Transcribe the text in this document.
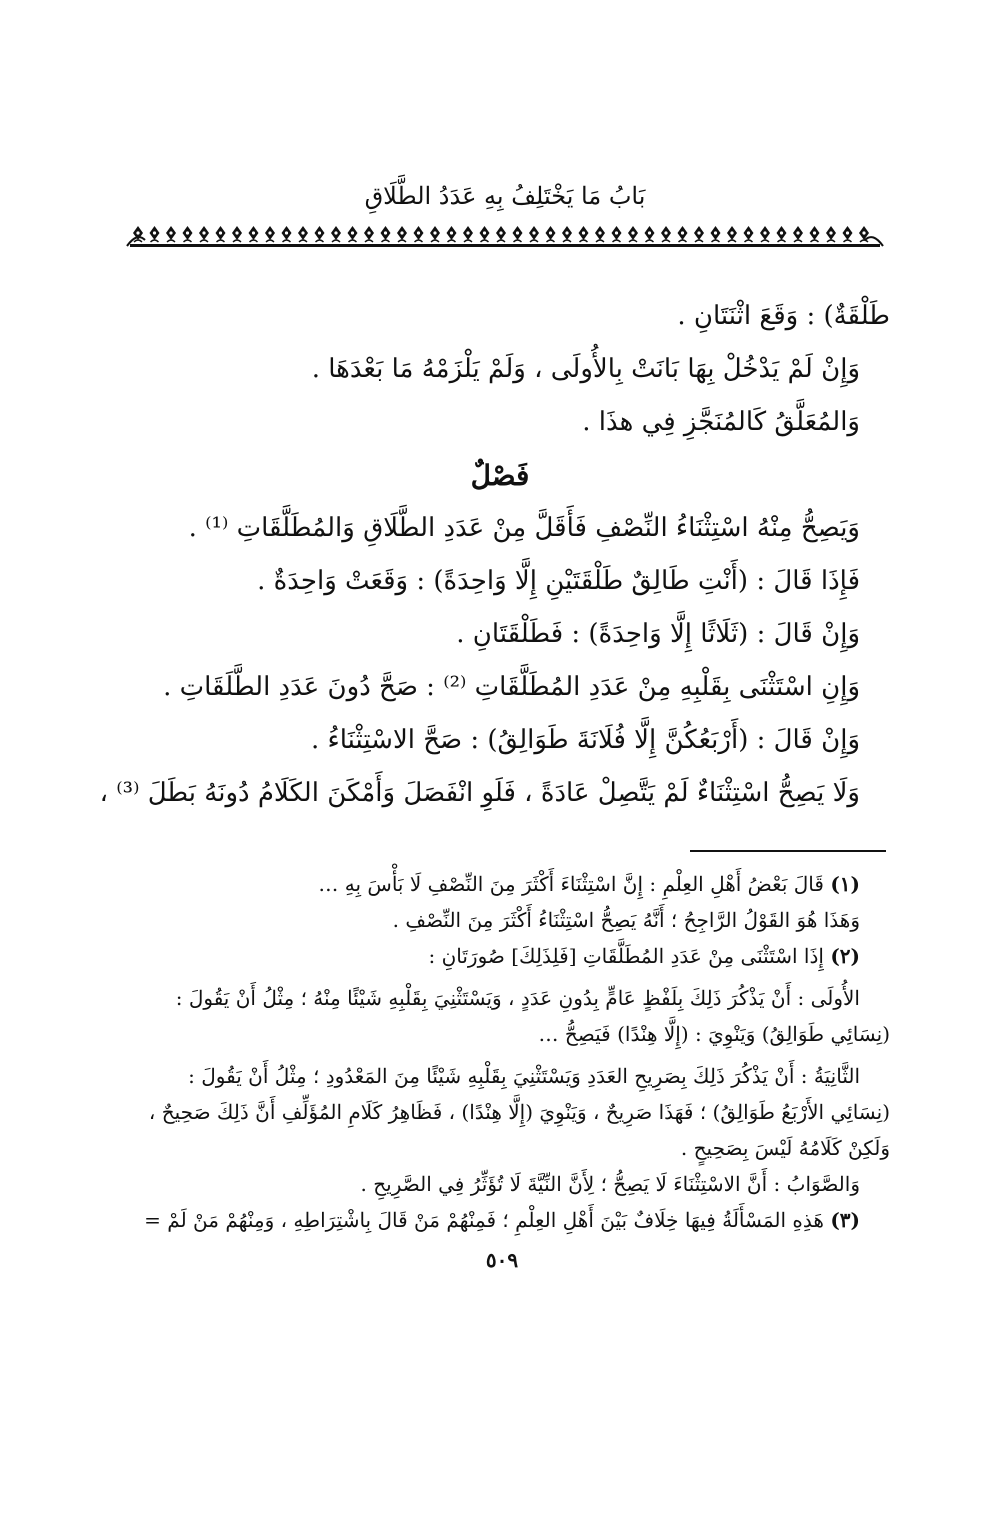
بَابُ مَا يَخْتَلِفُ بِهِ عَدَدُ الطَّلَاقِ
طَلْقَةٌ) : وَقَعَ اثْنَتَانِ .
وَإِنْ لَمْ يَدْخُلْ بِهَا بَانَتْ بِالأُولَى ، وَلَمْ يَلْزَمْهُ مَا بَعْدَهَا .
وَالمُعَلَّقُ كَالمُنَجَّزِ فِي هذَا .
فَصْلٌ
وَيَصِحُّ مِنْهُ اسْتِثْنَاءُ النِّصْفِ فَأَقَلَّ مِنْ عَدَدِ الطَّلَاقِ وَالمُطَلَّقَاتِ ⁽¹⁾ .
فَإِذَا قَالَ : (أَنْتِ طَالِقٌ طَلْقَتَيْنِ إِلَّا وَاحِدَةً) : وَقَعَتْ وَاحِدَةٌ .
وَإِنْ قَالَ : (ثَلَاثًا إِلَّا وَاحِدَةً) : فَطَلْقَتَانِ .
وَإِنِ اسْتَثْنَى بِقَلْبِهِ مِنْ عَدَدِ المُطَلَّقَاتِ ⁽²⁾ : صَحَّ دُونَ عَدَدِ الطَّلَقَاتِ .
وَإِنْ قَالَ : (أَرْبَعُكُنَّ إِلَّا فُلَانَةَ طَوَالِقُ) : صَحَّ الاسْتِثْنَاءُ .
وَلَا يَصِحُّ اسْتِثْنَاءٌ لَمْ يَتَّصِلْ عَادَةً ، فَلَوِ انْفَصَلَ وَأَمْكَنَ الكَلَامُ دُونَهُ بَطَلَ ⁽³⁾ ،
(١) قَالَ بَعْضُ أَهْلِ العِلْمِ : إِنَّ اسْتِثْنَاءَ أَكْثَرَ مِنَ النِّصْفِ لَا بَأْسَ بِهِ …
وَهَذَا هُوَ القَوْلُ الرَّاجِحُ ؛ أَنَّهُ يَصِحُّ اسْتِثْنَاءُ أَكْثَرَ مِنَ النِّصْفِ .
(٢) إِذَا اسْتَثْنَى مِنْ عَدَدِ المُطَلَّقَاتِ [فَلِذَلِكَ] صُورَتَانِ :
الأُولَى : أَنْ يَذْكُرَ ذَلِكَ بِلَفْظٍ عَامٍّ بِدُونِ عَدَدٍ ، وَيَسْتَثْنِيَ بِقَلْبِهِ شَيْئًا مِنْهُ ؛ مِثْلُ أَنْ يَقُولَ :
(نِسَائِي طَوَالِقُ) وَيَنْوِيَ : (إِلَّا هِنْدًا) فَيَصِحُّ …
الثَّانِيَةُ : أَنْ يَذْكُرَ ذَلِكَ بِصَرِيحِ العَدَدِ وَيَسْتَثْنِيَ بِقَلْبِهِ شَيْئًا مِنَ المَعْدُودِ ؛ مِثْلُ أَنْ يَقُولَ :
(نِسَائِي الأَرْبَعُ طَوَالِقُ) ؛ فَهَذَا صَرِيحٌ ، وَيَنْوِيَ (إِلَّا هِنْدًا) ، فَظَاهِرُ كَلَامِ المُؤَلِّفِ أَنَّ ذَلِكَ صَحِيحٌ ،
وَلَكِنْ كَلَامُهُ لَيْسَ بِصَحِيحٍ .
وَالصَّوَابُ : أَنَّ الاسْتِثْنَاءَ لَا يَصِحُّ ؛ لِأَنَّ النِّيَّةَ لَا تُؤَثِّرُ فِي الصَّرِيحِ .
(٣) هَذِهِ المَسْأَلَةُ فِيهَا خِلَافٌ بَيْنَ أَهْلِ العِلْمِ ؛ فَمِنْهُمْ مَنْ قَالَ بِاشْتِرَاطِهِ ، وَمِنْهُمْ مَنْ لَمْ =
٥٠٩
